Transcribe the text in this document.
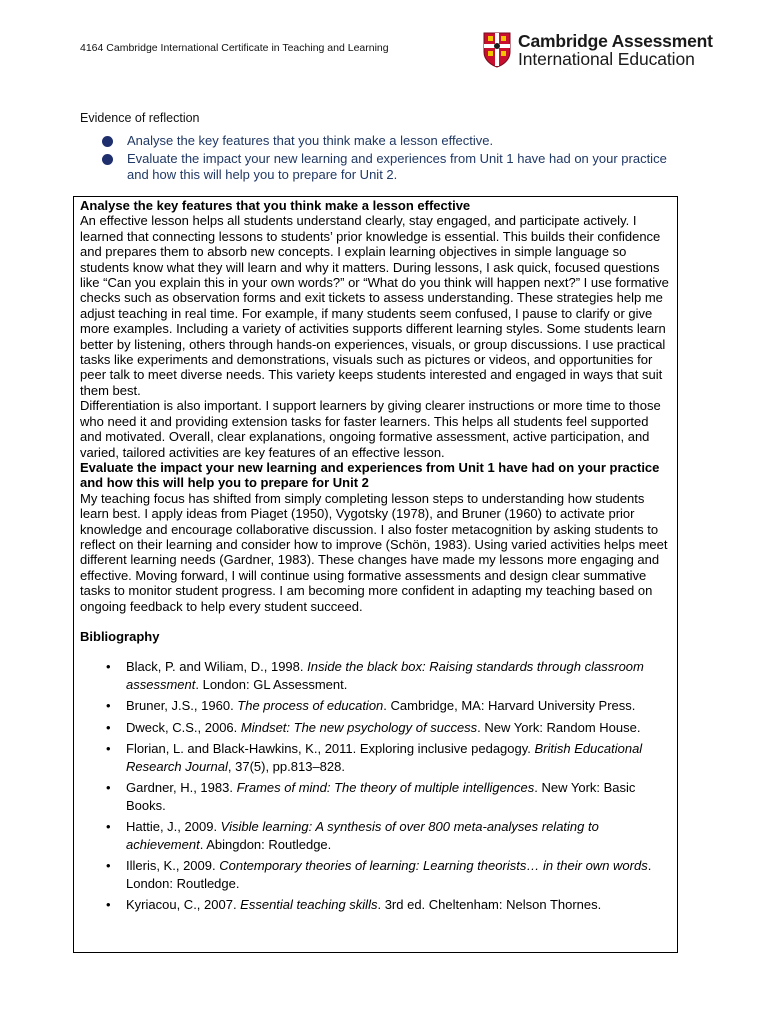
4164 Cambridge International Certificate in Teaching and Learning	Cambridge Assessment
International Education
Evidence of reflection
Analyse the key features that you think make a lesson effective.
Evaluate the impact your new learning and experiences from Unit 1 have had on your practice and how this will help you to prepare for Unit 2.

Analyse the key features that you think make a lesson effective

An effective lesson helps all students understand clearly, stay engaged, and participate actively. I learned that connecting lessons to students’ prior knowledge is essential. This builds their confidence and prepares them to absorb new concepts. I explain learning objectives in simple language so students know what they will learn and why it matters. During lessons, I ask quick, focused questions like “Can you explain this in your own words?” or “What do you think will happen next?” I use formative checks such as observation forms and exit tickets to assess understanding. These strategies help me adjust teaching in real time. For example, if many students seem confused, I pause to clarify or give more examples. Including a variety of activities supports different learning styles. Some students learn better by listening, others through hands-on experiences, visuals, or group discussions. I use practical tasks like experiments and demonstrations, visuals such as pictures or videos, and opportunities for peer talk to meet diverse needs. This variety keeps students interested and engaged in ways that suit them best.

Differentiation is also important. I support learners by giving clearer instructions or more time to those who need it and providing extension tasks for faster learners. This helps all students feel supported and motivated. Overall, clear explanations, ongoing formative assessment, active participation, and varied, tailored activities are key features of an effective lesson.

Evaluate the impact your new learning and experiences from Unit 1 have had on your practice and how this will help you to prepare for Unit 2

My teaching focus has shifted from simply completing lesson steps to understanding how students learn best. I apply ideas from Piaget (1950), Vygotsky (1978), and Bruner (1960) to activate prior knowledge and encourage collaborative discussion. I also foster metacognition by asking students to reflect on their learning and consider how to improve (Schön, 1983). Using varied activities helps meet different learning needs (Gardner, 1983). These changes have made my lessons more engaging and effective. Moving forward, I will continue using formative assessments and design clear summative tasks to monitor student progress. I am becoming more confident in adapting my teaching based on ongoing feedback to help every student succeed.

Bibliography

• Black, P. and Wiliam, D., 1998. Inside the black box: Raising standards through classroom assessment. London: GL Assessment.
• Bruner, J.S., 1960. The process of education. Cambridge, MA: Harvard University Press.
• Dweck, C.S., 2006. Mindset: The new psychology of success. New York: Random House.
• Florian, L. and Black-Hawkins, K., 2011. Exploring inclusive pedagogy. British Educational Research Journal, 37(5), pp.813–828.
• Gardner, H., 1983. Frames of mind: The theory of multiple intelligences. New York: Basic Books.
• Hattie, J., 2009. Visible learning: A synthesis of over 800 meta-analyses relating to achievement. Abingdon: Routledge.
• Illeris, K., 2009. Contemporary theories of learning: Learning theorists… in their own words. London: Routledge.
• Kyriacou, C., 2007. Essential teaching skills. 3rd ed. Cheltenham: Nelson Thornes.
